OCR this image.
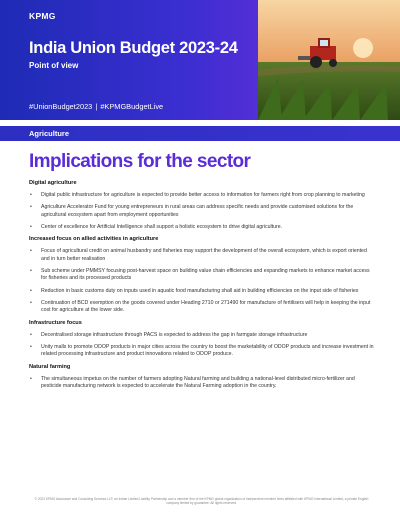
KPMG
India Union Budget 2023-24
Point of view
#UnionBudget2023 | #KPMGBudgetLive
Agriculture
Implications for the sector
Digital agriculture
• Digital public infrastructure for agriculture is expected to provide better access to information for farmers right from crop planning to marketing
• Agriculture Accelerator Fund for young entrepreneurs in rural areas can address specific needs and provide customised solutions for the agricultural ecosystem apart from employment opportunities
• Center of excellence for Artificial Intelligence shall support a holistic ecosystem to drive digital agriculture.
Increased focus on allied activities in agriculture
• Focus of agricultural credit on animal husbandry and fisheries may support the development of the overall ecosystem, which is export oriented and in turn better realisation
• Sub scheme under PMMSY focusing post-harvest space on building value chain efficiencies and expanding markets to enhance market access for fisheries and its processed products
• Reduction in basic customs duty on inputs used in aquatic food manufacturing shall aid in building efficiencies on the input side of fisheries
• Continuation of BCD exemption on the goods covered under Heading 2710 or 271490 for manufacture of fertilisers will help in keeping the input cost for agriculture at the lower side.
Infrastructure focus
• Decentralised storage infrastructure through PACS is expected to address the gap in farmgate storage infrastructure
• Unity malls to promote ODOP products in major cities across the country to boost the marketability of ODOP products and increase investment in related processing infrastructure and product innovations related to ODOP produce.
Natural farming
• The simultaneous impetus on the number of farmers adopting Natural farming and building a national-level distributed micro-fertilizer and pesticide manufacturing network is expected to accelerate the Natural Farming adoption in the country.
© 2023 KPMG Assurance and Consulting Services LLP, an Indian Limited Liability Partnership and a member firm of the KPMG global organization of independent member firms affiliated with KPMG International Limited, a private English company limited by guarantee. All rights reserved.
